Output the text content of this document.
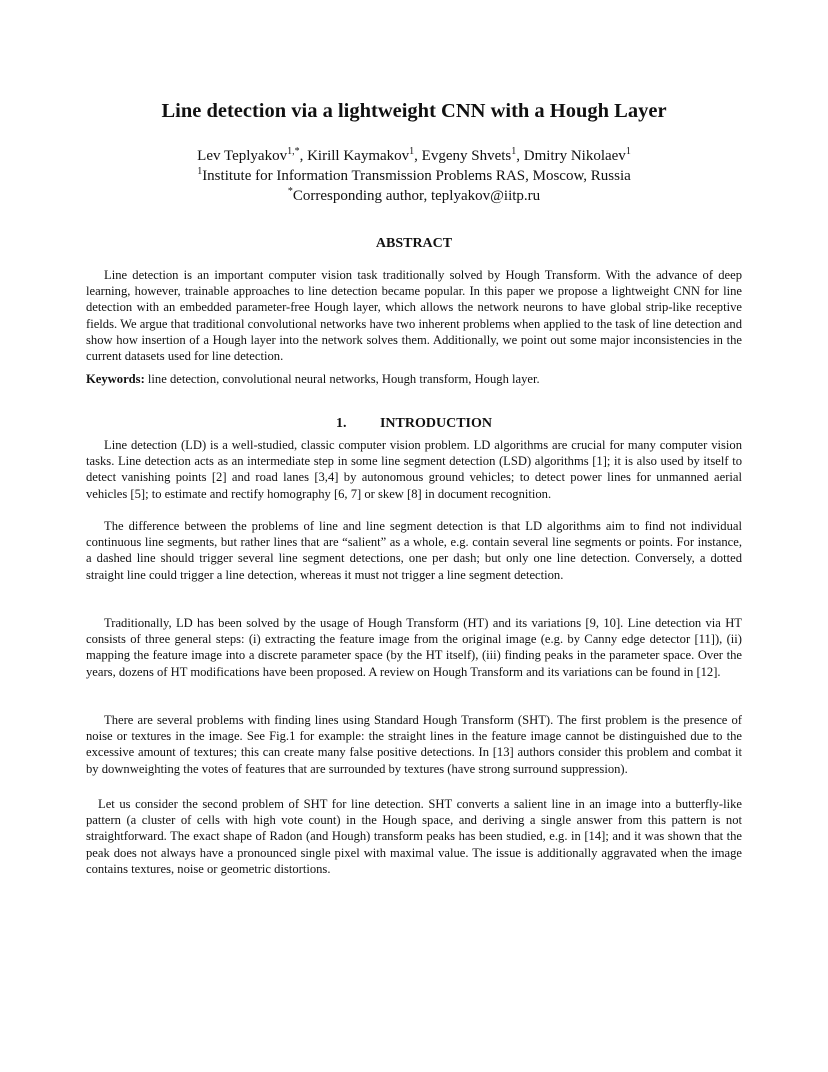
Line detection via a lightweight CNN with a Hough Layer
Lev Teplyakov$^{1,*}$, Kirill Kaymakov$^1$, Evgeny Shvets$^1$, Dmitry Nikolaev$^1$
$^1$Institute for Information Transmission Problems RAS, Moscow, Russia
*Corresponding author, teplyakov@iitp.ru
ABSTRACT

Line detection is an important computer vision task traditionally solved by Hough Transform. With the advance of deep learning, however, trainable approaches to line detection became popular. In this paper we propose a lightweight CNN for line detection with an embedded parameter-free Hough layer, which allows the network neurons to have global strip-like receptive fields. We argue that traditional convolutional networks have two inherent problems when applied to the task of line detection and show how insertion of a Hough layer into the network solves them. Additionally, we point out some major inconsistencies in the current datasets used for line detection.

Keywords: line detection, convolutional neural networks, Hough transform, Hough layer.

1. INTRODUCTION

Line detection (LD) is a well-studied, classic computer vision problem. LD algorithms are crucial for many computer vision tasks. Line detection acts as an intermediate step in some line segment detection (LSD) algorithms [1]; it is also used by itself to detect vanishing points [2] and road lanes [3,4] by autonomous ground vehicles; to detect power lines for unmanned aerial vehicles [5]; to estimate and rectify homography [6, 7] or skew [8] in document recognition.

The difference between the problems of line and line segment detection is that LD algorithms aim to find not individual continuous line segments, but rather lines that are “salient” as a whole, e.g. contain several line segments or points. For instance, a dashed line should trigger several line segment detections, one per dash; but only one line detection. Conversely, a dotted straight line could trigger a line detection, whereas it must not trigger a line segment detection.

Traditionally, LD has been solved by the usage of Hough Transform (HT) and its variations [9, 10]. Line detection via HT consists of three general steps: (i) extracting the feature image from the original image (e.g. by Canny edge detector [11]), (ii) mapping the feature image into a discrete parameter space (by the HT itself), (iii) finding peaks in the parameter space. Over the years, dozens of HT modifications have been proposed. A review on Hough Transform and its variations can be found in [12].

There are several problems with finding lines using Standard Hough Transform (SHT). The first problem is the presence of noise or textures in the image. See Fig.1 for example: the straight lines in the feature image cannot be distinguished due to the excessive amount of textures; this can create many false positive detections. In [13] authors consider this problem and combat it by downweighting the votes of features that are surrounded by textures (have strong surround suppression).

Let us consider the second problem of SHT for line detection. SHT converts a salient line in an image into a butterfly-like pattern (a cluster of cells with high vote count) in the Hough space, and deriving a single answer from this pattern is not straightforward. The exact shape of Radon (and Hough) transform peaks has been studied, e.g. in [14]; and it was shown that the peak does not always have a pronounced single pixel with maximal value. The issue is additionally aggravated when the image contains textures, noise or geometric distortions.
